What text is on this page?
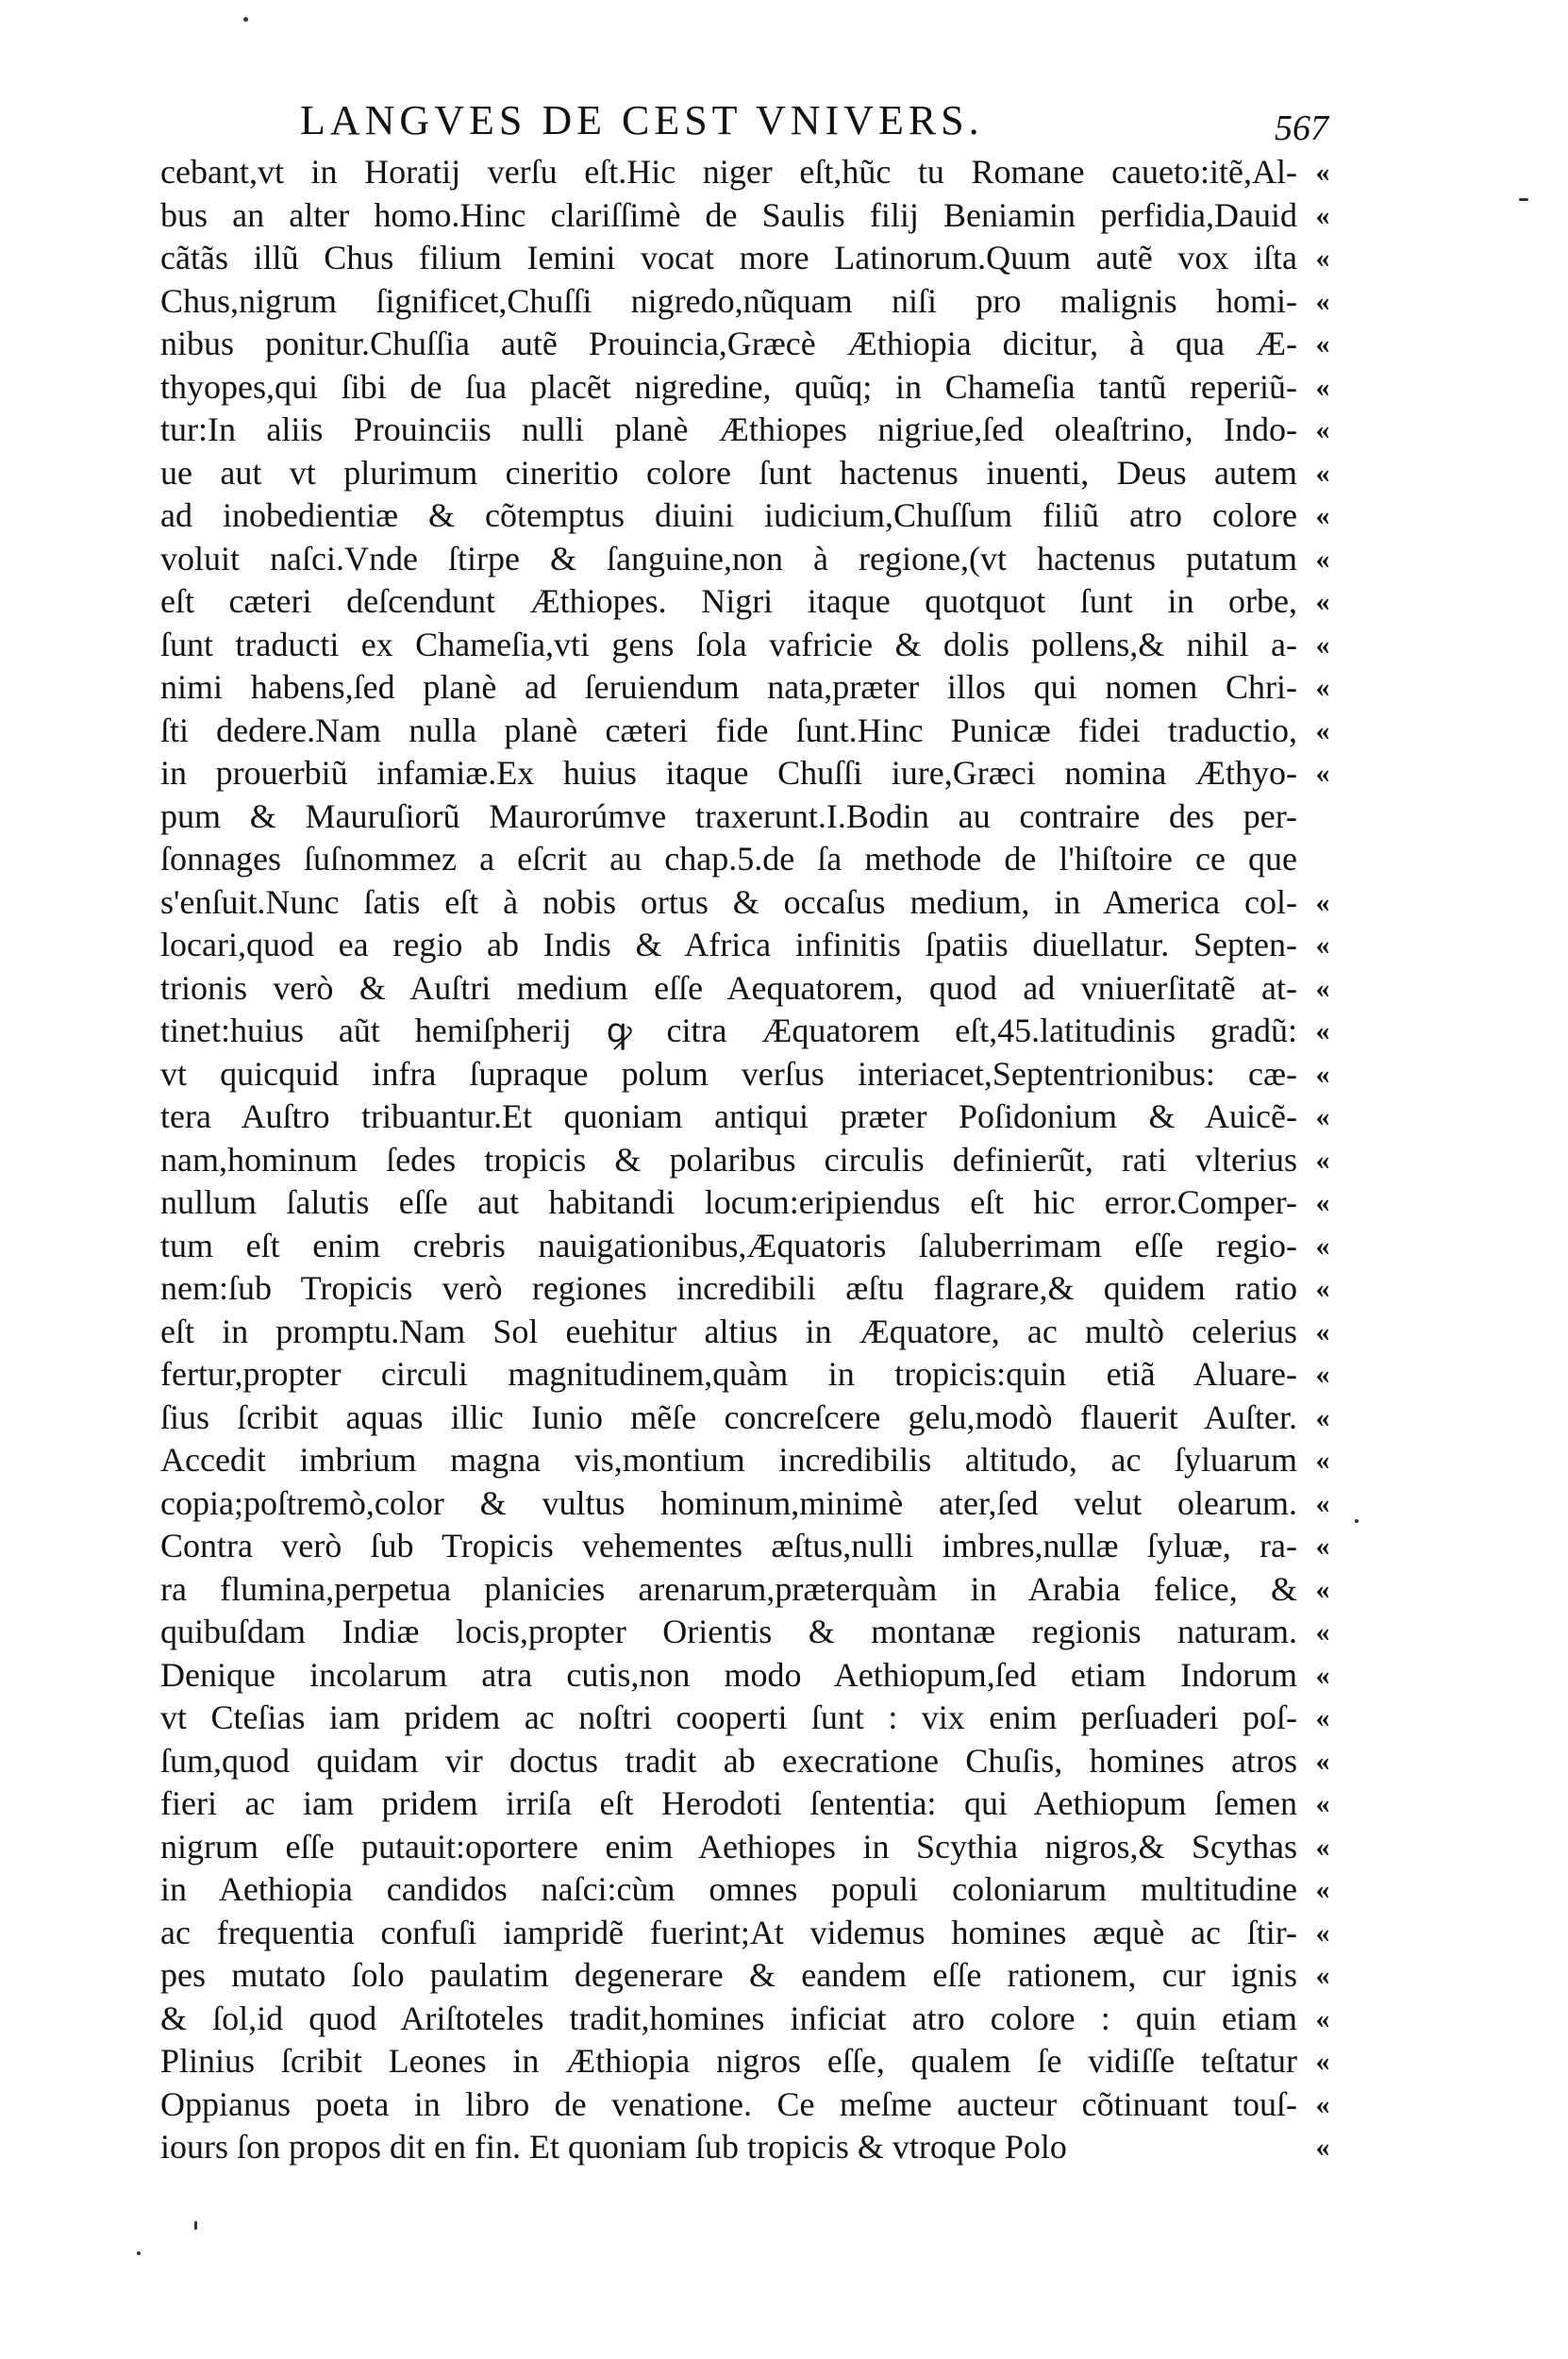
LANGVES DE CEST VNIVERS.	567
cebant,vt in Horatij verſu eſt.Hic niger eſt,hũc tu Romane caueto:itẽ,Al- «
bus an alter homo.Hinc clariſſimè de Saulis filij Beniamin perfidia,Dauid «
cãtãs illũ Chus filium Iemini vocat more Latinorum.Quum autẽ vox iſta «
Chus,nigrum ſignificet,Chuſſi nigredo,nũquam niſi pro malignis homi- «
nibus ponitur.Chuſſia autẽ Prouincia,Græcè Æthiopia dicitur, à qua Æ- «
thyopes,qui ſibi de ſua placẽt nigredine, quũq; in Chameſia tantũ reperiũ- «
tur:In aliis Prouinciis nulli planè Æthiopes nigriue,ſed oleaſtrino, Indo- «
ue aut vt plurimum cineritio colore ſunt hactenus inuenti, Deus autem «
ad inobedientiæ & cõtemptus diuini iudicium,Chuſſum filiũ atro colore «
voluit naſci.Vnde ſtirpe & ſanguine,non à regione,(vt hactenus putatum «
eſt cæteri deſcendunt Æthiopes. Nigri itaque quotquot ſunt in orbe, «
ſunt traducti ex Chameſia,vti gens ſola vafricie & dolis pollens,& nihil a- «
nimi habens,ſed planè ad ſeruiendum nata,præter illos qui nomen Chri- «
ſti dedere.Nam nulla planè cæteri fide ſunt.Hinc Punicæ fidei traductio, «
in prouerbiũ infamiæ.Ex huius itaque Chuſſi iure,Græci nomina Æthyo- «
pum & Mauruſiorũ Maurorúmve traxerunt.I.Bodin au contraire des per-
ſonnages ſuſnommez a eſcrit au chap.5.de ſa methode de l'hiſtoire ce que
s'enſuit.Nunc ſatis eſt à nobis ortus & occaſus medium, in America col- «
locari,quod ea regio ab Indis & Africa infinitis ſpatiis diuellatur. Septen- «
trionis verò & Auſtri medium eſſe Aequatorem, quod ad vniuerſitatẽ at- «
tinet:huius aũt hemiſpherij ꝙ citra Æquatorem eſt,45.latitudinis gradũ: «
vt quicquid infra ſupraque polum verſus interiacet,Septentrionibus: cæ- «
tera Auſtro tribuantur.Et quoniam antiqui præter Poſidonium & Auicẽ- «
nam,hominum ſedes tropicis & polaribus circulis definierũt, rati vlterius «
nullum ſalutis eſſe aut habitandi locum:eripiendus eſt hic error.Comper- «
tum eſt enim crebris nauigationibus,Æquatoris ſaluberrimam eſſe regio- «
nem:ſub Tropicis verò regiones incredibili æſtu flagrare,& quidem ratio «
eſt in promptu.Nam Sol euehitur altius in Æquatore, ac multò celerius «
fertur,propter circuli magnitudinem,quàm in tropicis:quin etiã Aluare- «
ſius ſcribit aquas illic Iunio mẽſe concreſcere gelu,modò flauerit Auſter. «
Accedit imbrium magna vis,montium incredibilis altitudo, ac ſyluarum «
copia;poſtremò,color & vultus hominum,minimè ater,ſed velut olearum. «
Contra verò ſub Tropicis vehementes æſtus,nulli imbres,nullæ ſyluæ, ra- «
ra flumina,perpetua planicies arenarum,præterquàm in Arabia felice, & «
quibuſdam Indiæ locis,propter Orientis & montanæ regionis naturam. «
Denique incolarum atra cutis,non modo Aethiopum,ſed etiam Indorum «
vt Cteſias iam pridem ac noſtri cooperti ſunt : vix enim perſuaderi poſ- «
ſum,quod quidam vir doctus tradit ab execratione Chuſis, homines atros «
fieri ac iam pridem irriſa eſt Herodoti ſententia: qui Aethiopum ſemen «
nigrum eſſe putauit:oportere enim Aethiopes in Scythia nigros,& Scythas «
in Aethiopia candidos naſci:cùm omnes populi coloniarum multitudine «
ac frequentia confuſi iampridẽ fuerint;At videmus homines æquè ac ſtir- «
pes mutato ſolo paulatim degenerare & eandem eſſe rationem, cur ignis «
& ſol,id quod Ariſtoteles tradit,homines inficiat atro colore : quin etiam «
Plinius ſcribit Leones in Æthiopia nigros eſſe, qualem ſe vidiſſe teſtatur «
Oppianus poeta in libro de venatione. Ce meſme aucteur cõtinuant touſ- «
iours ſon propos dit en fin. Et quoniam ſub tropicis & vtroque Polo	«
